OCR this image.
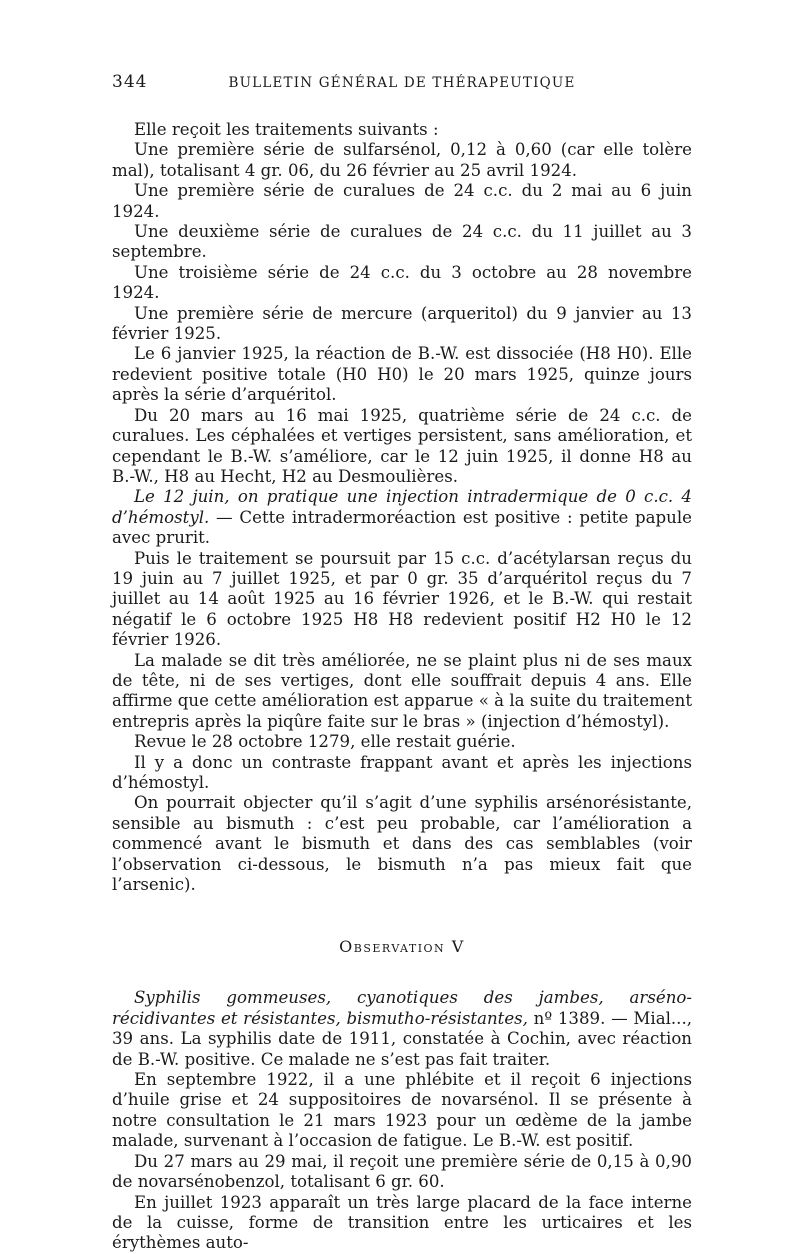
344	BULLETIN GÉNÉRAL DE THÉRAPEUTIQUE

Elle reçoit les traitements suivants :

Une première série de sulfarsénol, 0,12 à 0,60 (car elle tolère mal), totalisant 4 gr. 06, du 26 février au 25 avril 1924.

Une première série de curalues de 24 c.c. du 2 mai au 6 juin 1924.

Une deuxième série de curalues de 24 c.c. du 11 juillet au 3 septembre.

Une troisième série de 24 c.c. du 3 octobre au 28 novembre 1924.

Une première série de mercure (arqueritol) du 9 janvier au 13 février 1925.

Le 6 janvier 1925, la réaction de B.-W. est dissociée (H8 H0). Elle redevient positive totale (H0 H0) le 20 mars 1925, quinze jours après la série d’arquéritol.

Du 20 mars au 16 mai 1925, quatrième série de 24 c.c. de curalues. Les céphalées et vertiges persistent, sans amélioration, et cependant le B.-W. s’améliore, car le 12 juin 1925, il donne H8 au B.-W., H8 au Hecht, H2 au Desmoulières.

Le 12 juin, on pratique une injection intradermique de 0 c.c. 4 d’hémostyl. — Cette intradermoréaction est positive : petite papule avec prurit.

Puis le traitement se poursuit par 15 c.c. d’acétylarsan reçus du 19 juin au 7 juillet 1925, et par 0 gr. 35 d’arquéritol reçus du 7 juillet au 14 août 1925 au 16 février 1926, et le B.-W. qui restait négatif le 6 octobre 1925 H8 H8 redevient positif H2 H0 le 12 février 1926.

La malade se dit très améliorée, ne se plaint plus ni de ses maux de tête, ni de ses vertiges, dont elle souffrait depuis 4 ans. Elle affirme que cette amélioration est apparue « à la suite du traitement entrepris après la piqûre faite sur le bras » (injection d’hémostyl).

Revue le 28 octobre 1279, elle restait guérie.

Il y a donc un contraste frappant avant et après les injections d’hémostyl.

On pourrait objecter qu’il s’agit d’une syphilis arsénorésistante, sensible au bismuth : c’est peu probable, car l’amélioration a commencé avant le bismuth et dans des cas semblables (voir l’observation ci-dessous, le bismuth n’a pas mieux fait que l’arsenic).

Observation V

Syphilis gommeuses, cyanotiques des jambes, arséno-récidivantes et résistantes, bismutho-résistantes, nº 1389. — Mial..., 39 ans. La syphilis date de 1911, constatée à Cochin, avec réaction de B.-W. positive. Ce malade ne s’est pas fait traiter.

En septembre 1922, il a une phlébite et il reçoit 6 injections d’huile grise et 24 suppositoires de novarsénol. Il se présente à notre consultation le 21 mars 1923 pour un œdème de la jambe malade, survenant à l’occasion de fatigue. Le B.-W. est positif.

Du 27 mars au 29 mai, il reçoit une première série de 0,15 à 0,90 de novarsénobenzol, totalisant 6 gr. 60.

En juillet 1923 apparaît un très large placard de la face interne de la cuisse, forme de transition entre les urticaires et les érythèmes auto-
